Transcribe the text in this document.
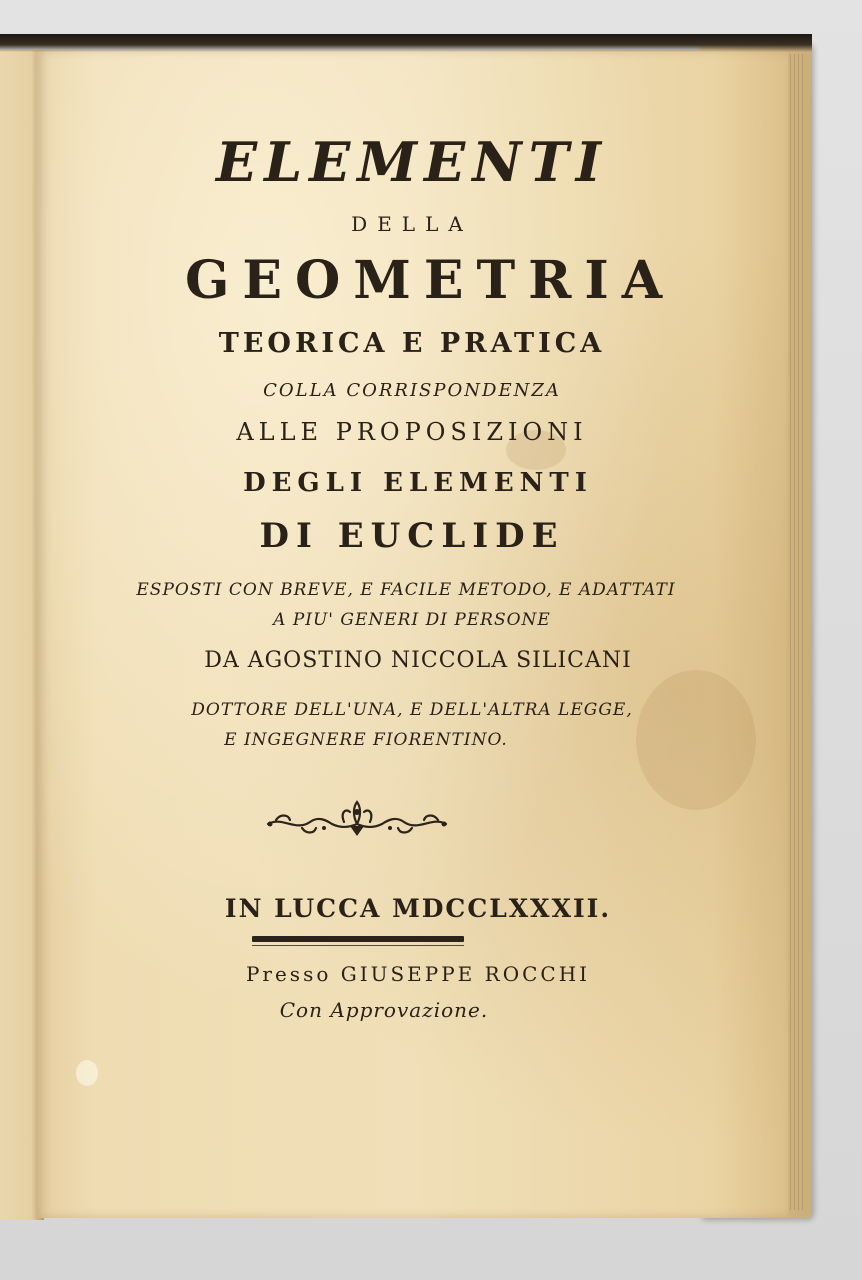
ELEMENTI

DELLA

GEOMETRIA

TEORICA E PRATICA

COLLA CORRISPONDENZA

ALLE PROPOSIZIONI

DEGLI ELEMENTI

DI EUCLIDE

ESPOSTI CON BREVE, E FACILE METODO, E ADATTATI

A PIU' GENERI DI PERSONE

DA AGOSTINO NICCOLA SILICANI

DOTTORE DELL'UNA, E DELL'ALTRA LEGGE,

E INGEGNERE FIORENTINO.

IN LUCCA MDCCLXXXII.

Presso GIUSEPPE ROCCHI

Con Approvazione.
